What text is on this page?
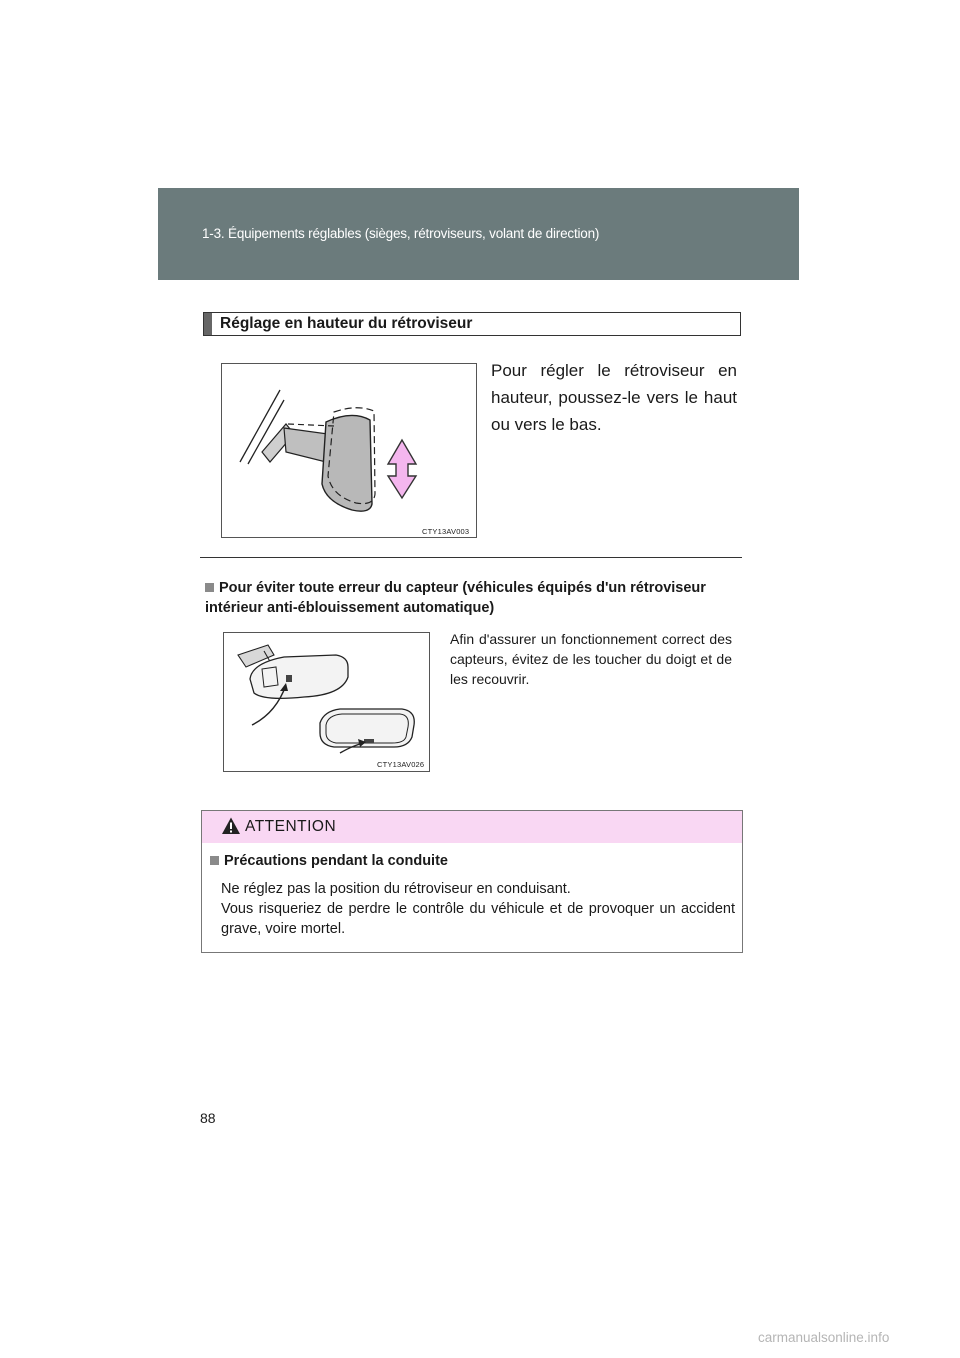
1-3. Équipements réglables (sièges, rétroviseurs, volant de direction)
Réglage en hauteur du rétroviseur
CTY13AV003
Pour régler le rétroviseur en hauteur, poussez-le vers le haut ou vers le bas.
Pour éviter toute erreur du capteur (véhicules équipés d'un rétroviseur intérieur anti-éblouissement automatique)
CTY13AV026
Afin d'assurer un fonctionnement correct des capteurs, évitez de les toucher du doigt et de les recouvrir.
ATTENTION
Précautions pendant la conduite
Ne réglez pas la position du rétroviseur en conduisant.
Vous risqueriez de perdre le contrôle du véhicule et de provoquer un accident grave, voire mortel.
88
carmanualsonline.info
